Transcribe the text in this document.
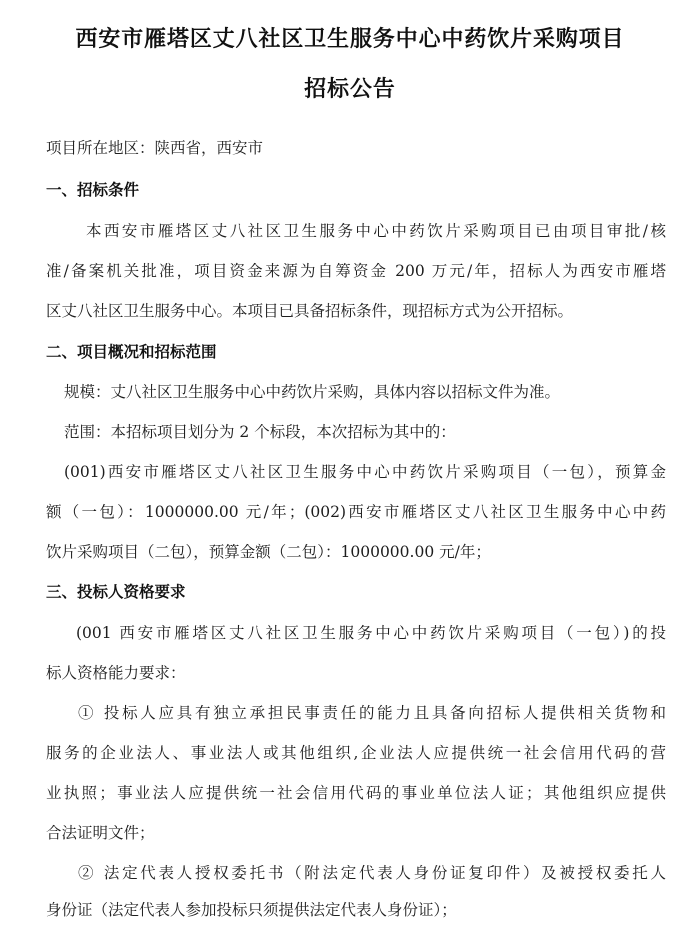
西安市雁塔区丈八社区卫生服务中心中药饮片采购项目
招标公告
项目所在地区：陕西省，西安市
一、招标条件
本西安市雁塔区丈八社区卫生服务中心中药饮片采购项目已由项目审批/核
准/备案机关批准，项目资金来源为自筹资金 200 万元/年，招标人为西安市雁塔
区丈八社区卫生服务中心。本项目已具备招标条件，现招标方式为公开招标。
二、项目概况和招标范围
规模：丈八社区卫生服务中心中药饮片采购，具体内容以招标文件为准。
范围：本招标项目划分为 2 个标段，本次招标为其中的：
(001)西安市雁塔区丈八社区卫生服务中心中药饮片采购项目（一包），预算金
额（一包）：1000000.00 元/年；(002)西安市雁塔区丈八社区卫生服务中心中药
饮片采购项目（二包），预算金额（二包）：1000000.00 元/年；
三、投标人资格要求
(001 西安市雁塔区丈八社区卫生服务中心中药饮片采购项目（一包）)的投
标人资格能力要求：
① 投标人应具有独立承担民事责任的能力且具备向招标人提供相关货物和
服务的企业法人、事业法人或其他组织,企业法人应提供统一社会信用代码的营
业执照；事业法人应提供统一社会信用代码的事业单位法人证；其他组织应提供
合法证明文件；
② 法定代表人授权委托书（附法定代表人身份证复印件）及被授权委托人
身份证（法定代表人参加投标只须提供法定代表人身份证）；
